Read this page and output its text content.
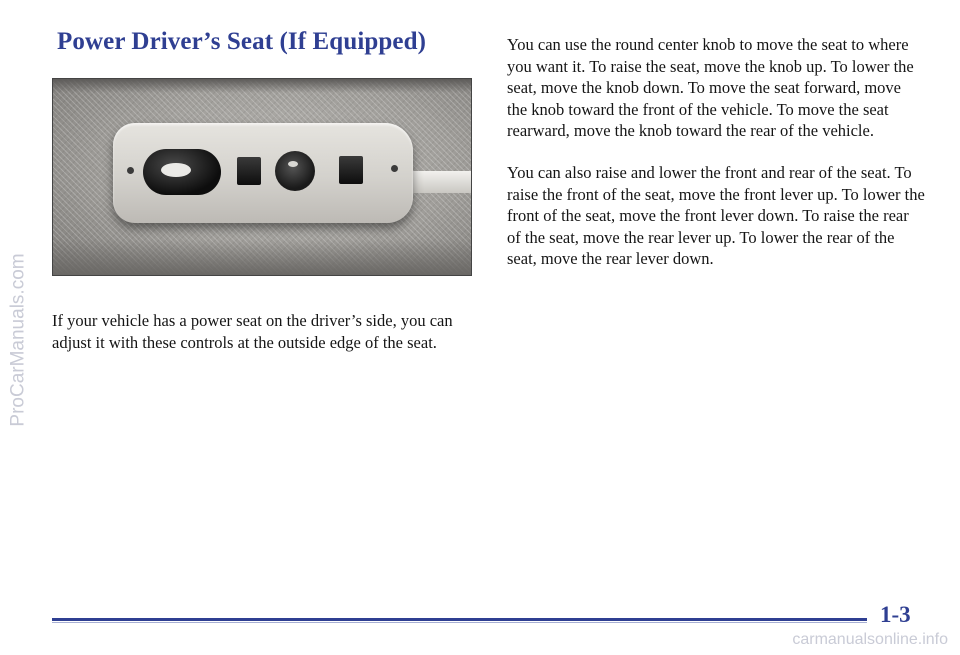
Power Driver’s Seat (If Equipped)

If your vehicle has a power seat on the driver’s side, you can adjust it with these controls at the outside edge of the seat.

You can use the round center knob to move the seat to where you want it. To raise the seat, move the knob up. To lower the seat, move the knob down. To move the seat forward, move the knob toward the front of the vehicle. To move the seat rearward, move the knob toward the rear of the vehicle.

You can also raise and lower the front and rear of the seat. To raise the front of the seat, move the front lever up. To lower the front of the seat, move the front lever down. To raise the rear of the seat, move the rear lever up. To lower the rear of the seat, move the rear lever down.

1-3

ProCarManuals.com

carmanualsonline.info
